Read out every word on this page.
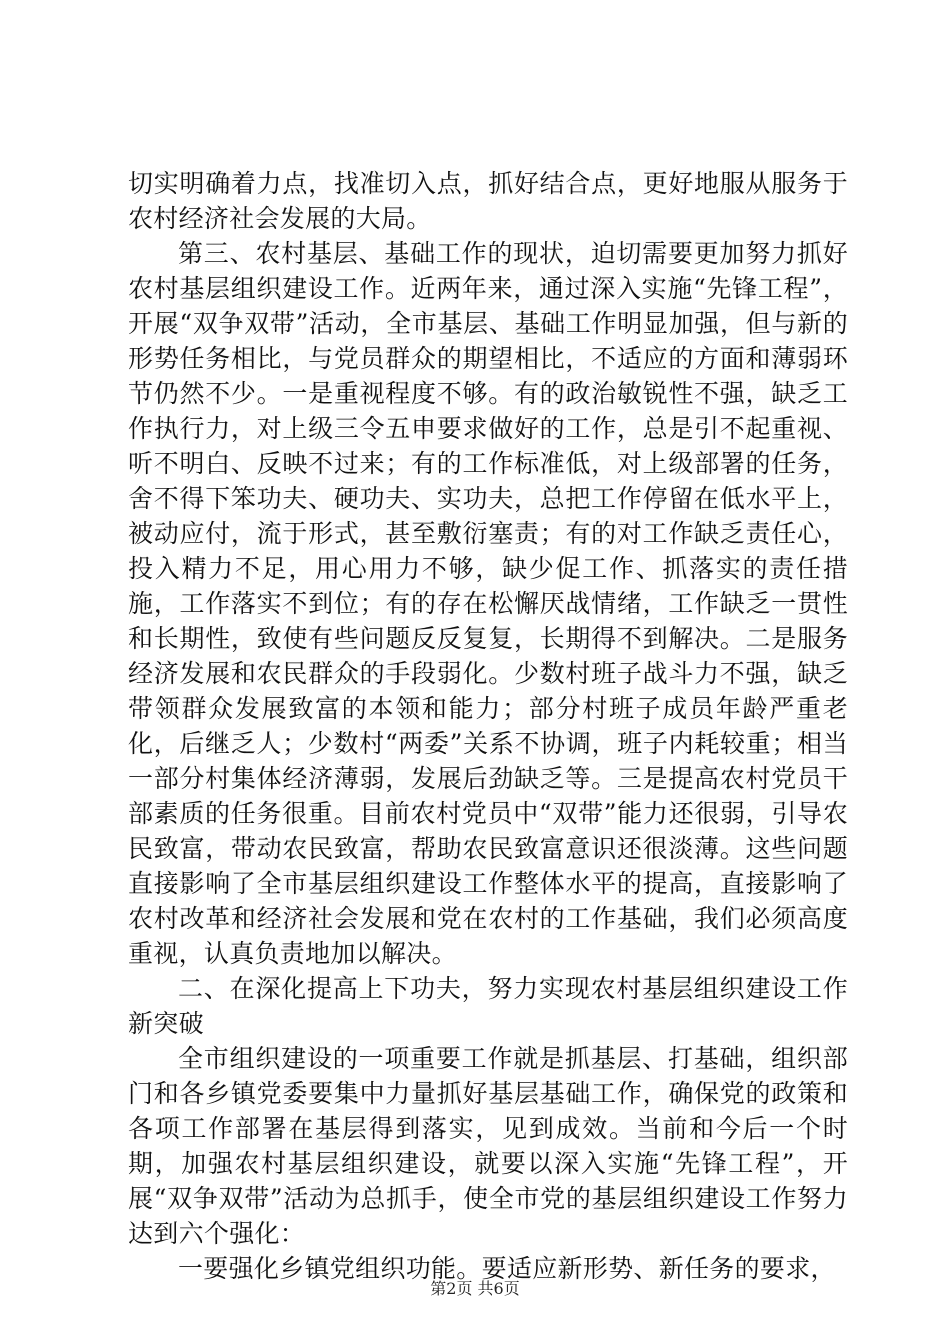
切实明确着力点，找准切入点，抓好结合点，更好地服从服务于农村经济社会发展的大局。

第三、农村基层、基础工作的现状，迫切需要更加努力抓好农村基层组织建设工作。近两年来，通过深入实施“先锋工程”，开展“双争双带”活动，全市基层、基础工作明显加强，但与新的形势任务相比，与党员群众的期望相比，不适应的方面和薄弱环节仍然不少。一是重视程度不够。有的政治敏锐性不强，缺乏工作执行力，对上级三令五申要求做好的工作，总是引不起重视、听不明白、反映不过来；有的工作标准低，对上级部署的任务，舍不得下笨功夫、硬功夫、实功夫，总把工作停留在低水平上，被动应付，流于形式，甚至敷衍塞责；有的对工作缺乏责任心，投入精力不足，用心用力不够，缺少促工作、抓落实的责任措施，工作落实不到位；有的存在松懈厌战情绪，工作缺乏一贯性和长期性，致使有些问题反反复复，长期得不到解决。二是服务经济发展和农民群众的手段弱化。少数村班子战斗力不强，缺乏带领群众发展致富的本领和能力；部分村班子成员年龄严重老化，后继乏人；少数村“两委”关系不协调，班子内耗较重；相当一部分村集体经济薄弱，发展后劲缺乏等。三是提高农村党员干部素质的任务很重。目前农村党员中“双带”能力还很弱，引导农民致富，带动农民致富，帮助农民致富意识还很淡薄。这些问题直接影响了全市基层组织建设工作整体水平的提高，直接影响了农村改革和经济社会发展和党在农村的工作基础，我们必须高度重视，认真负责地加以解决。

二、在深化提高上下功夫，努力实现农村基层组织建设工作新突破

全市组织建设的一项重要工作就是抓基层、打基础，组织部门和各乡镇党委要集中力量抓好基层基础工作，确保党的政策和各项工作部署在基层得到落实，见到成效。当前和今后一个时期，加强农村基层组织建设，就要以深入实施“先锋工程”，开展“双争双带”活动为总抓手，使全市党的基层组织建设工作努力达到六个强化：

一要强化乡镇党组织功能。要适应新形势、新任务的要求，

第2页 共6页
